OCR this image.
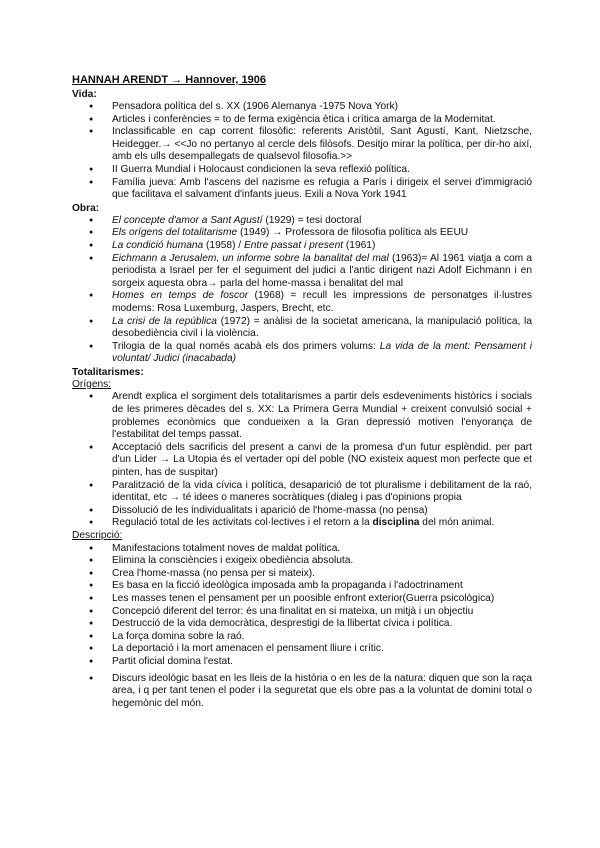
HANNAH ARENDT → Hannover, 1906
Vida:
● Pensadora política del s. XX (1906 Alemanya -1975 Nova York)
● Articles i conferències = to de ferma exigència ètica i crítica amarga de la Modernitat.
● Inclassificable en cap corrent filosòfic: referents Aristòtil, Sant Agustí, Kant, Nietzsche, Heidegger.→ <<Jo no pertanyo al cercle dels filòsofs. Desitjo mirar la política, per dir-ho així, amb els ulls desempallegats de qualsevol filosofia.>>
● II Guerra Mundial i Holocaust condicionen la seva reflexió política.
● Família jueva: Amb l'ascens del nazisme es refugia a París i dirigeix el servei d'immigració que facilitava el salvament d'infants jueus. Exili a Nova York 1941
Obra:
● El concepte d'amor a Sant Agustí (1929) = tesi doctoral
● Els orígens del totalitarisme (1949) → Professora de filosofia política als EEUU
● La condició humana (1958) / Entre passat i present (1961)
● Eichmann a Jerusalem, un informe sobre la banalitat del mal (1963)= Al 1961 viatja a com a periodista a Israel per fer el seguiment del judici a l'antic dirigent nazi Adolf Eichmann i en sorgeix aquesta obra→ parla del home-massa i benalitat del mal
● Homes en temps de foscor (1968) = recull les impressions de personatges il·lustres moderns: Rosa Luxemburg, Jaspers, Brecht, etc.
● La crisi de la república (1972) = anàlisi de la societat americana, la manipulació política, la desobediència civil i la violència.
● Trilogia de la qual només acabà els dos primers volums: La vida de la ment: Pensament i voluntat/ Judici (inacabada)
Totalitarismes:
Orígens:
● Arendt explica el sorgiment dels totalitarismes a partir dels esdeveniments històrics i socials de les primeres dècades del s. XX: La Primera Gerra Mundial + creixent convulsió social + problemes econòmics que condueixen a la Gran depressió motiven l'enyorança de l'estabilitat del temps passat.
● Acceptació dels sacrificis del present a canvi de la promesa d'un futur esplèndid. per part d'un Lider → La Utopia és el vertader opi del poble (NO existeix aquest mon perfecte que et pinten, has de suspitar)
● Paralització de la vida cívica i política, desaparició de tot pluralisme i debilitament de la raó, identitat, etc → té idees o maneres socràtiques (dialeg i pas d'opinions propia
● Dissolució de les individualitats i aparició de l'home-massa (no pensa)
● Regulació total de les activitats col·lectives i el retorn a la disciplina del món animal.
Descripció:
● Manifestacions totalment noves de maldat política.
● Elimina la consciències i exigeix obediència absoluta.
● Crea l'home-massa (no pensa per si mateix).
● Es basa en la ficció ideològica imposada amb la propaganda i l'adoctrinament
● Les masses tenen el pensament per un poosible enfront exterior(Guerra psicològica)
● Concepció diferent del terror: és una finalitat en si mateixa, un mitjà i un objectiu
● Destrucció de la vida democràtica, desprestigi de la llibertat cívica i política.
● La força domina sobre la raó.
● La deportació i la mort amenacen el pensament lliure i crític.
● Partit oficial domina l'estat.
● Discurs ideològic basat en les lleis de la història o en les de la natura: diquen que son la raça area, i q per tant tenen el poder i la seguretat que els obre pas a la voluntat de domini total o hegemònic del món.
